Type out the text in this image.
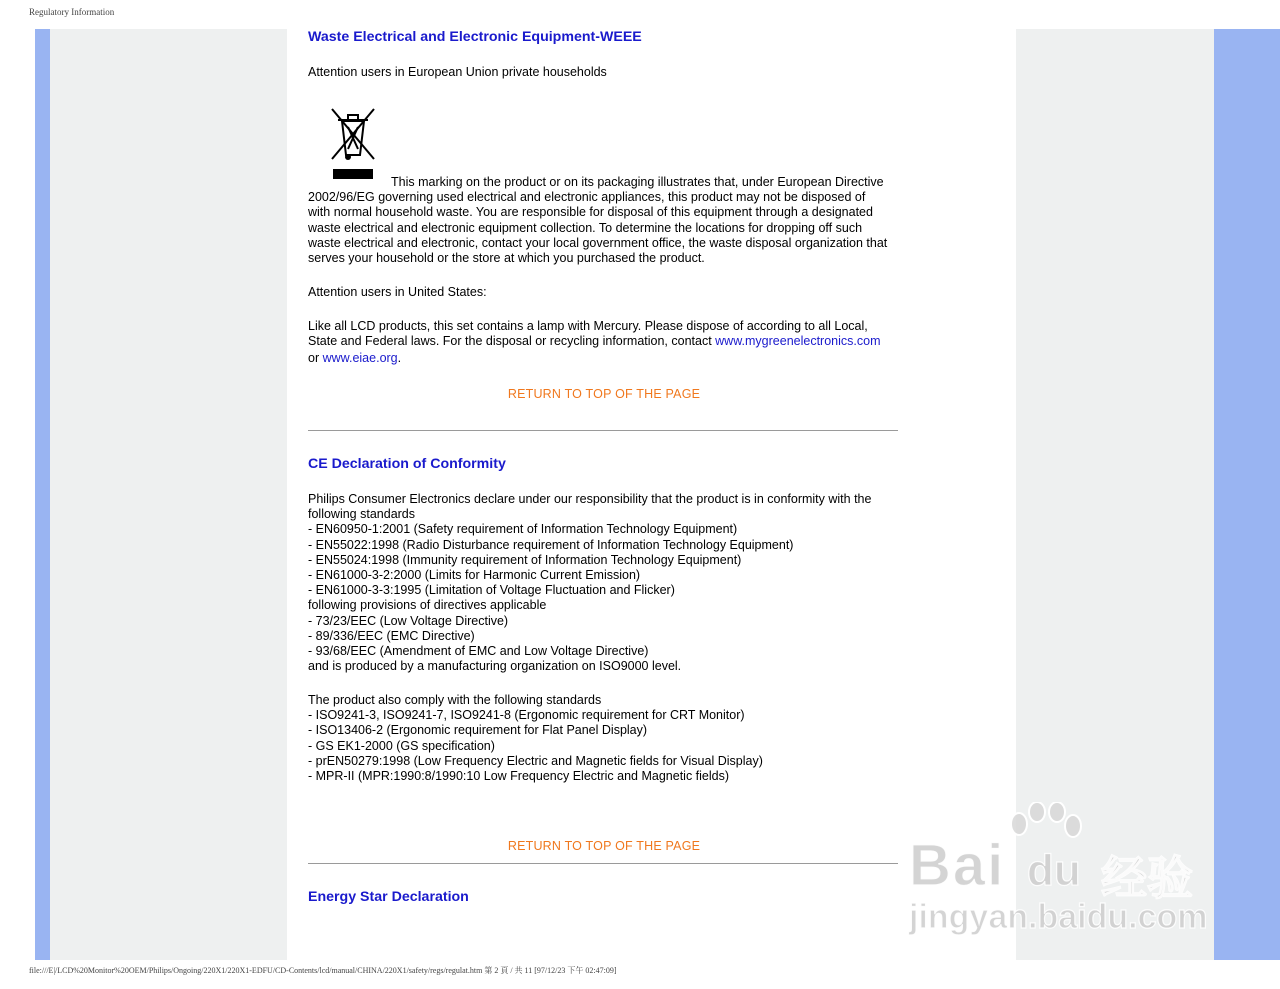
Regulatory Information
Waste Electrical and Electronic Equipment-WEEE

Attention users in European Union private households

This marking on the product or on its packaging illustrates that, under European Directive
2002/96/EG governing used electrical and electronic appliances, this product may not be disposed of
with normal household waste. You are responsible for disposal of this equipment through a designated
waste electrical and electronic equipment collection. To determine the locations for dropping off such
waste electrical and electronic, contact your local government office, the waste disposal organization that
serves your household or the store at which you purchased the product.

Attention users in United States:

Like all LCD products, this set contains a lamp with Mercury. Please dispose of according to all Local,
State and Federal laws. For the disposal or recycling information, contact www.mygreenelectronics.com
or www.eiae.org.

RETURN TO TOP OF THE PAGE
CE Declaration of Conformity

Philips Consumer Electronics declare under our responsibility that the product is in conformity with the
following standards
- EN60950-1:2001 (Safety requirement of Information Technology Equipment)
- EN55022:1998 (Radio Disturbance requirement of Information Technology Equipment)
- EN55024:1998 (Immunity requirement of Information Technology Equipment)
- EN61000-3-2:2000 (Limits for Harmonic Current Emission)
- EN61000-3-3:1995 (Limitation of Voltage Fluctuation and Flicker)
following provisions of directives applicable
- 73/23/EEC (Low Voltage Directive)
- 89/336/EEC (EMC Directive)
- 93/68/EEC (Amendment of EMC and Low Voltage Directive)
and is produced by a manufacturing organization on ISO9000 level.

The product also comply with the following standards
- ISO9241-3, ISO9241-7, ISO9241-8 (Ergonomic requirement for CRT Monitor)
- ISO13406-2 (Ergonomic requirement for Flat Panel Display)
- GS EK1-2000 (GS specification)
- prEN50279:1998 (Low Frequency Electric and Magnetic fields for Visual Display)
- MPR-II (MPR:1990:8/1990:10 Low Frequency Electric and Magnetic fields)

RETURN TO TOP OF THE PAGE
Energy Star Declaration	Bai du 经验
jingyan.baidu.com
file:///E|/LCD%20Monitor%20OEM/Philips/Ongoing/220X1/220X1-EDFU/CD-Contents/lcd/manual/CHINA/220X1/safety/regs/regulat.htm 第 2 頁 / 共 11 [97/12/23 下午 02:47:09]
